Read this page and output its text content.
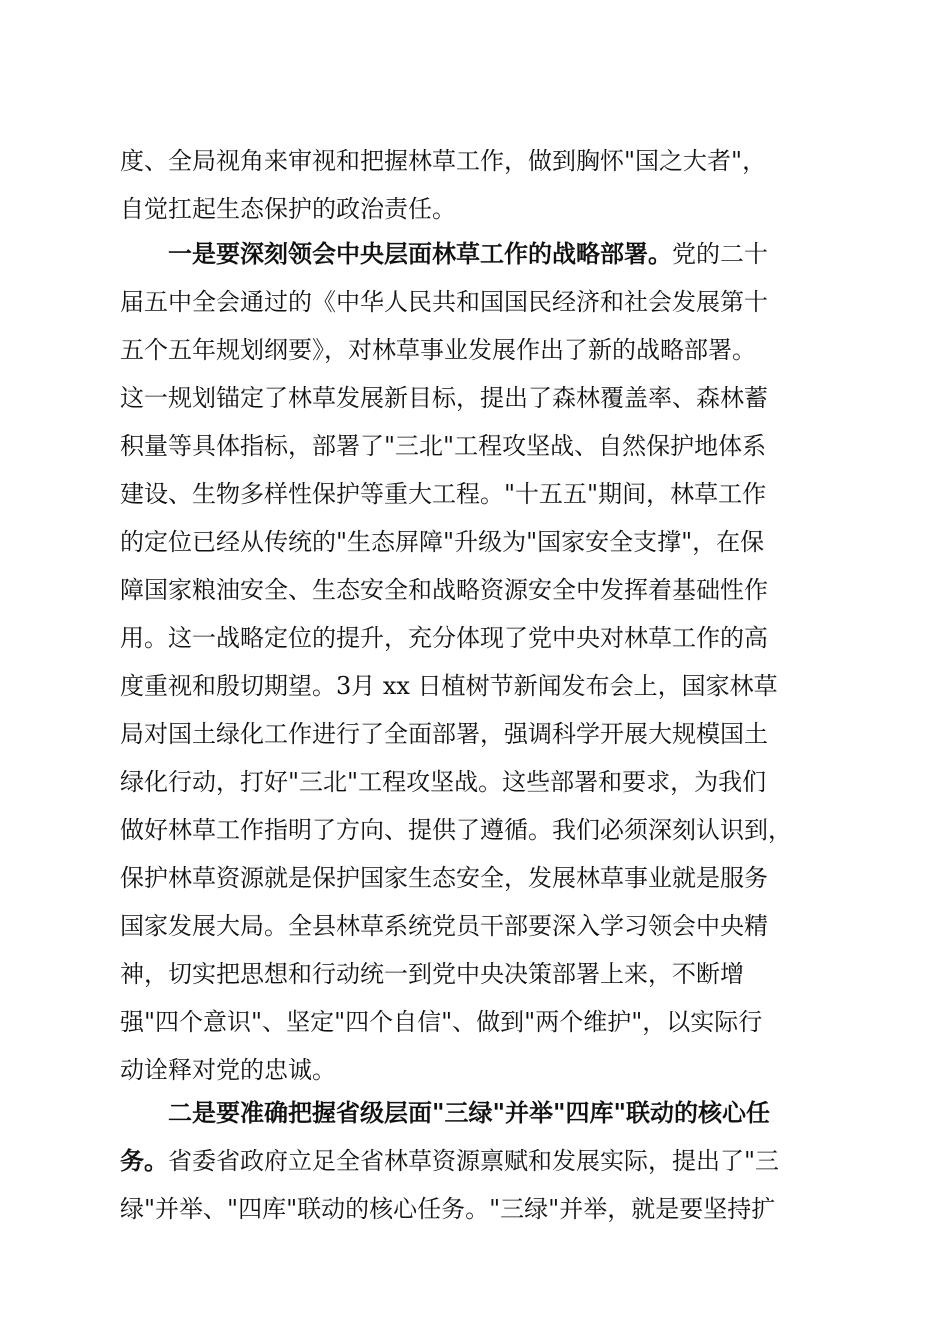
度、全局视角来审视和把握林草工作，做到胸怀"国之大者"，
自觉扛起生态保护的政治责任。
一是要深刻领会中央层面林草工作的战略部署。党的二十
届五中全会通过的《中华人民共和国国民经济和社会发展第十
五个五年规划纲要》，对林草事业发展作出了新的战略部署。
这一规划锚定了林草发展新目标，提出了森林覆盖率、森林蓄
积量等具体指标，部署了"三北"工程攻坚战、自然保护地体系
建设、生物多样性保护等重大工程。"十五五"期间，林草工作
的定位已经从传统的"生态屏障"升级为"国家安全支撑"，在保
障国家粮油安全、生态安全和战略资源安全中发挥着基础性作
用。这一战略定位的提升，充分体现了党中央对林草工作的高
度重视和殷切期望。3月 xx 日植树节新闻发布会上，国家林草
局对国土绿化工作进行了全面部署，强调科学开展大规模国土
绿化行动，打好"三北"工程攻坚战。这些部署和要求，为我们
做好林草工作指明了方向、提供了遵循。我们必须深刻认识到，
保护林草资源就是保护国家生态安全，发展林草事业就是服务
国家发展大局。全县林草系统党员干部要深入学习领会中央精
神，切实把思想和行动统一到党中央决策部署上来，不断增
强"四个意识"、坚定"四个自信"、做到"两个维护"，以实际行
动诠释对党的忠诚。
二是要准确把握省级层面"三绿"并举"四库"联动的核心任
务。省委省政府立足全省林草资源禀赋和发展实际，提出了"三
绿"并举、"四库"联动的核心任务。"三绿"并举，就是要坚持扩
